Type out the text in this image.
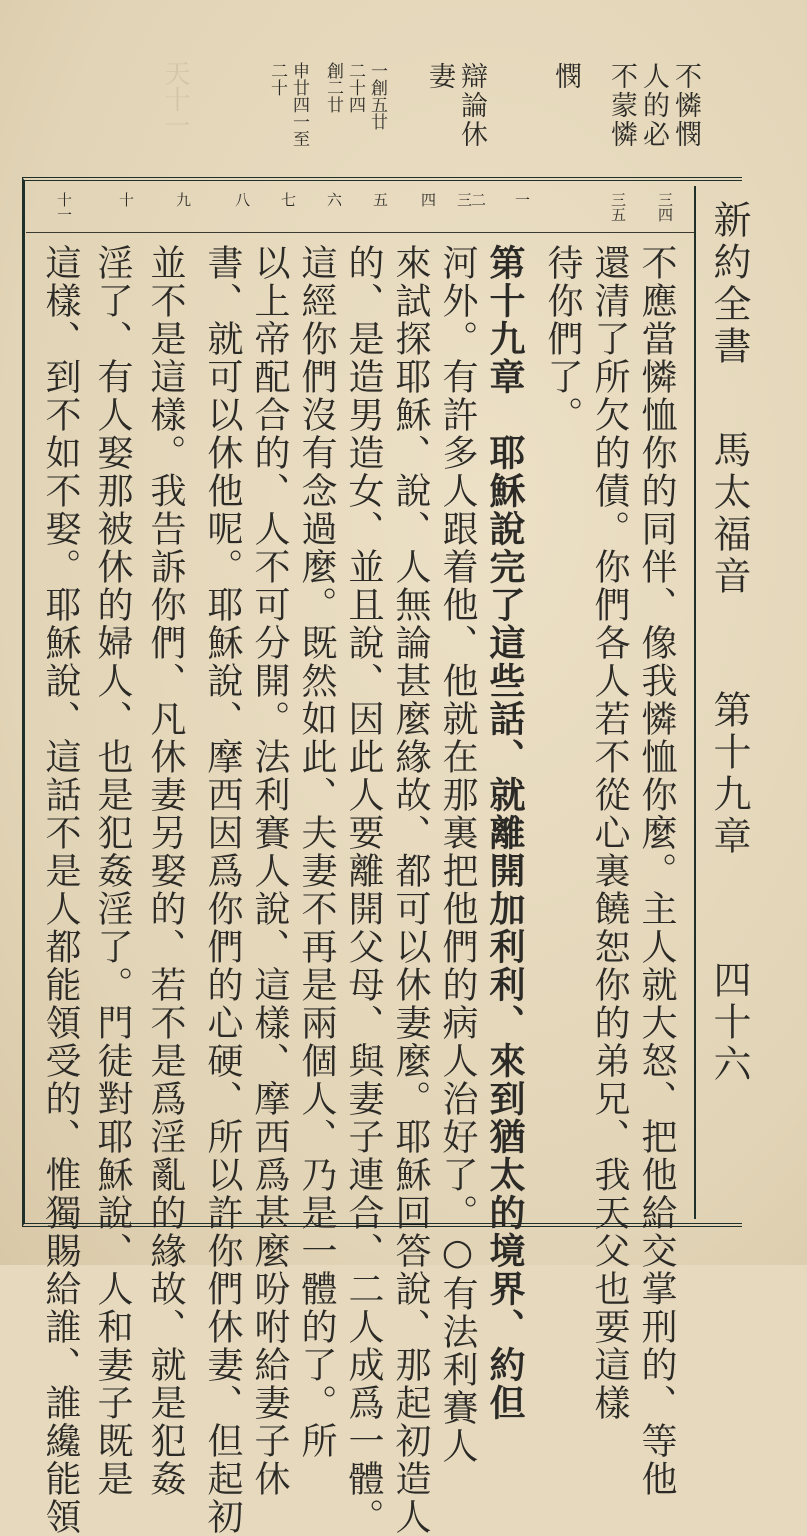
天十一	不憐憫
人的必
不蒙憐
憫
辯論休
妻
一創五廿
二十四
創二廿
申廿四一至
二十
三四
三五
一
二
三
四
五
六
七
八
九
十
十一
不應當憐恤你的同伴、像我憐恤你麼。主人就大怒、把他給交掌刑的、等他
還清了所欠的債。你們各人若不從心裏饒恕你的弟兄、我天父也要這樣
待你們了。
第十九章　耶穌說完了這些話、就離開加利利、來到猶太的境界、約但
河外。有許多人跟着他、他就在那裏把他們的病人治好了。○有法利賽人
來試探耶穌、說、人無論甚麼緣故、都可以休妻麼。耶穌回答說、那起初造人
的、是造男造女、並且說、因此人要離開父母、與妻子連合、二人成爲一體。
這經你們沒有念過麼。既然如此、夫妻不再是兩個人、乃是一體的了。所
以上帝配合的、人不可分開。法利賽人說、這樣、摩西爲甚麼吩咐給妻子休
書、就可以休他呢。耶穌說、摩西因爲你們的心硬、所以許你們休妻、但起初
並不是這樣。我告訴你們、凡休妻另娶的、若不是爲淫亂的緣故、就是犯姦
淫了、有人娶那被休的婦人、也是犯姦淫了。門徒對耶穌說、人和妻子既是
這樣、到不如不娶。耶穌說、這話不是人都能領受的、惟獨賜給誰、誰纔能領	新約全書
馬太福音
第十九章
四十六
